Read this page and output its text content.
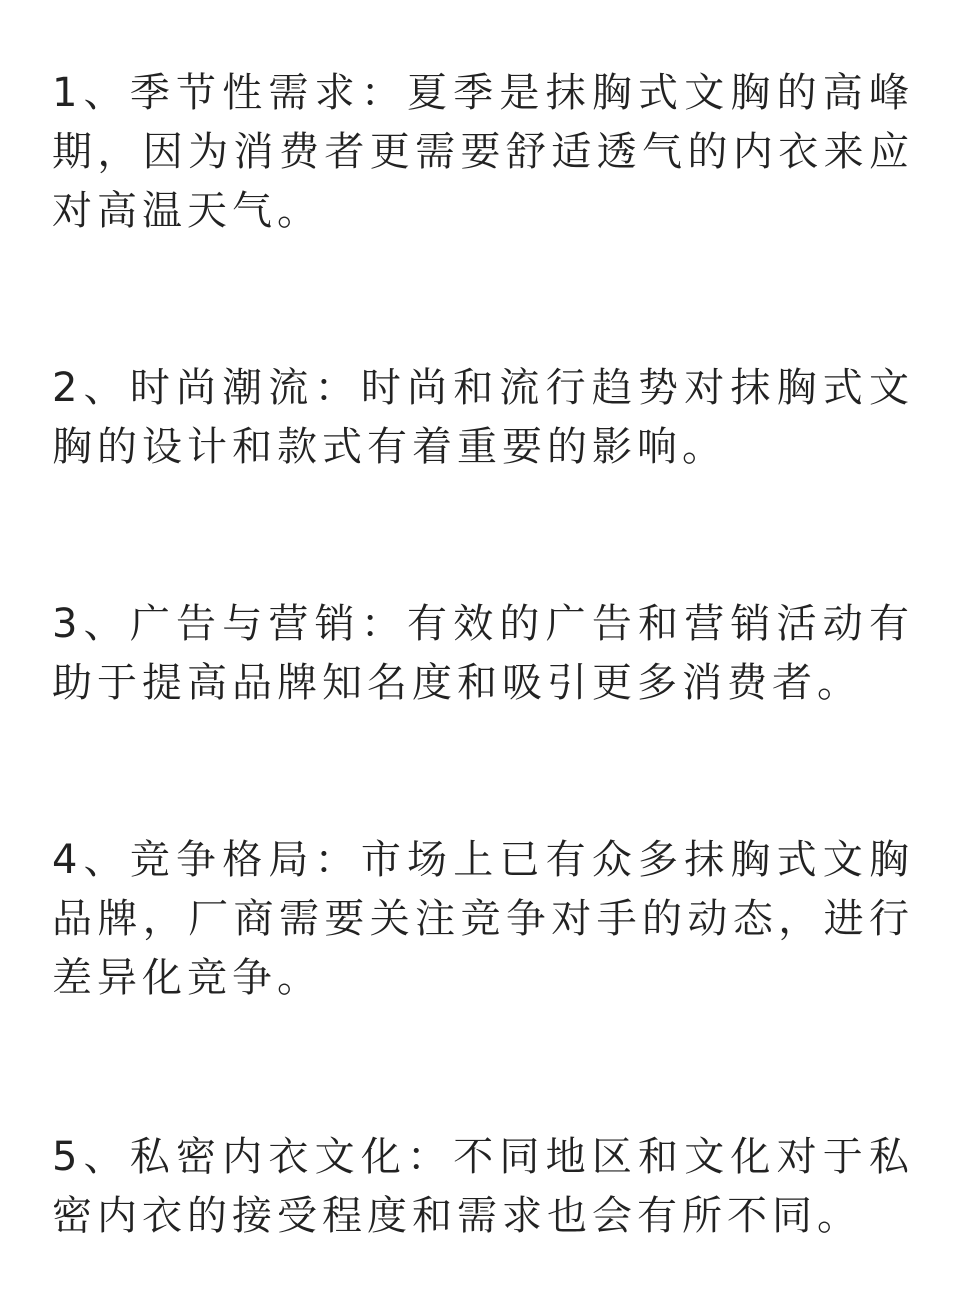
1、季节性需求：夏季是抹胸式文胸的高峰期，因为消费者更需要舒适透气的内衣来应对高温天气。

2、时尚潮流：时尚和流行趋势对抹胸式文胸的设计和款式有着重要的影响。

3、广告与营销：有效的广告和营销活动有助于提高品牌知名度和吸引更多消费者。

4、竞争格局：市场上已有众多抹胸式文胸品牌，厂商需要关注竞争对手的动态，进行差异化竞争。

5、私密内衣文化：不同地区和文化对于私密内衣的接受程度和需求也会有所不同。
